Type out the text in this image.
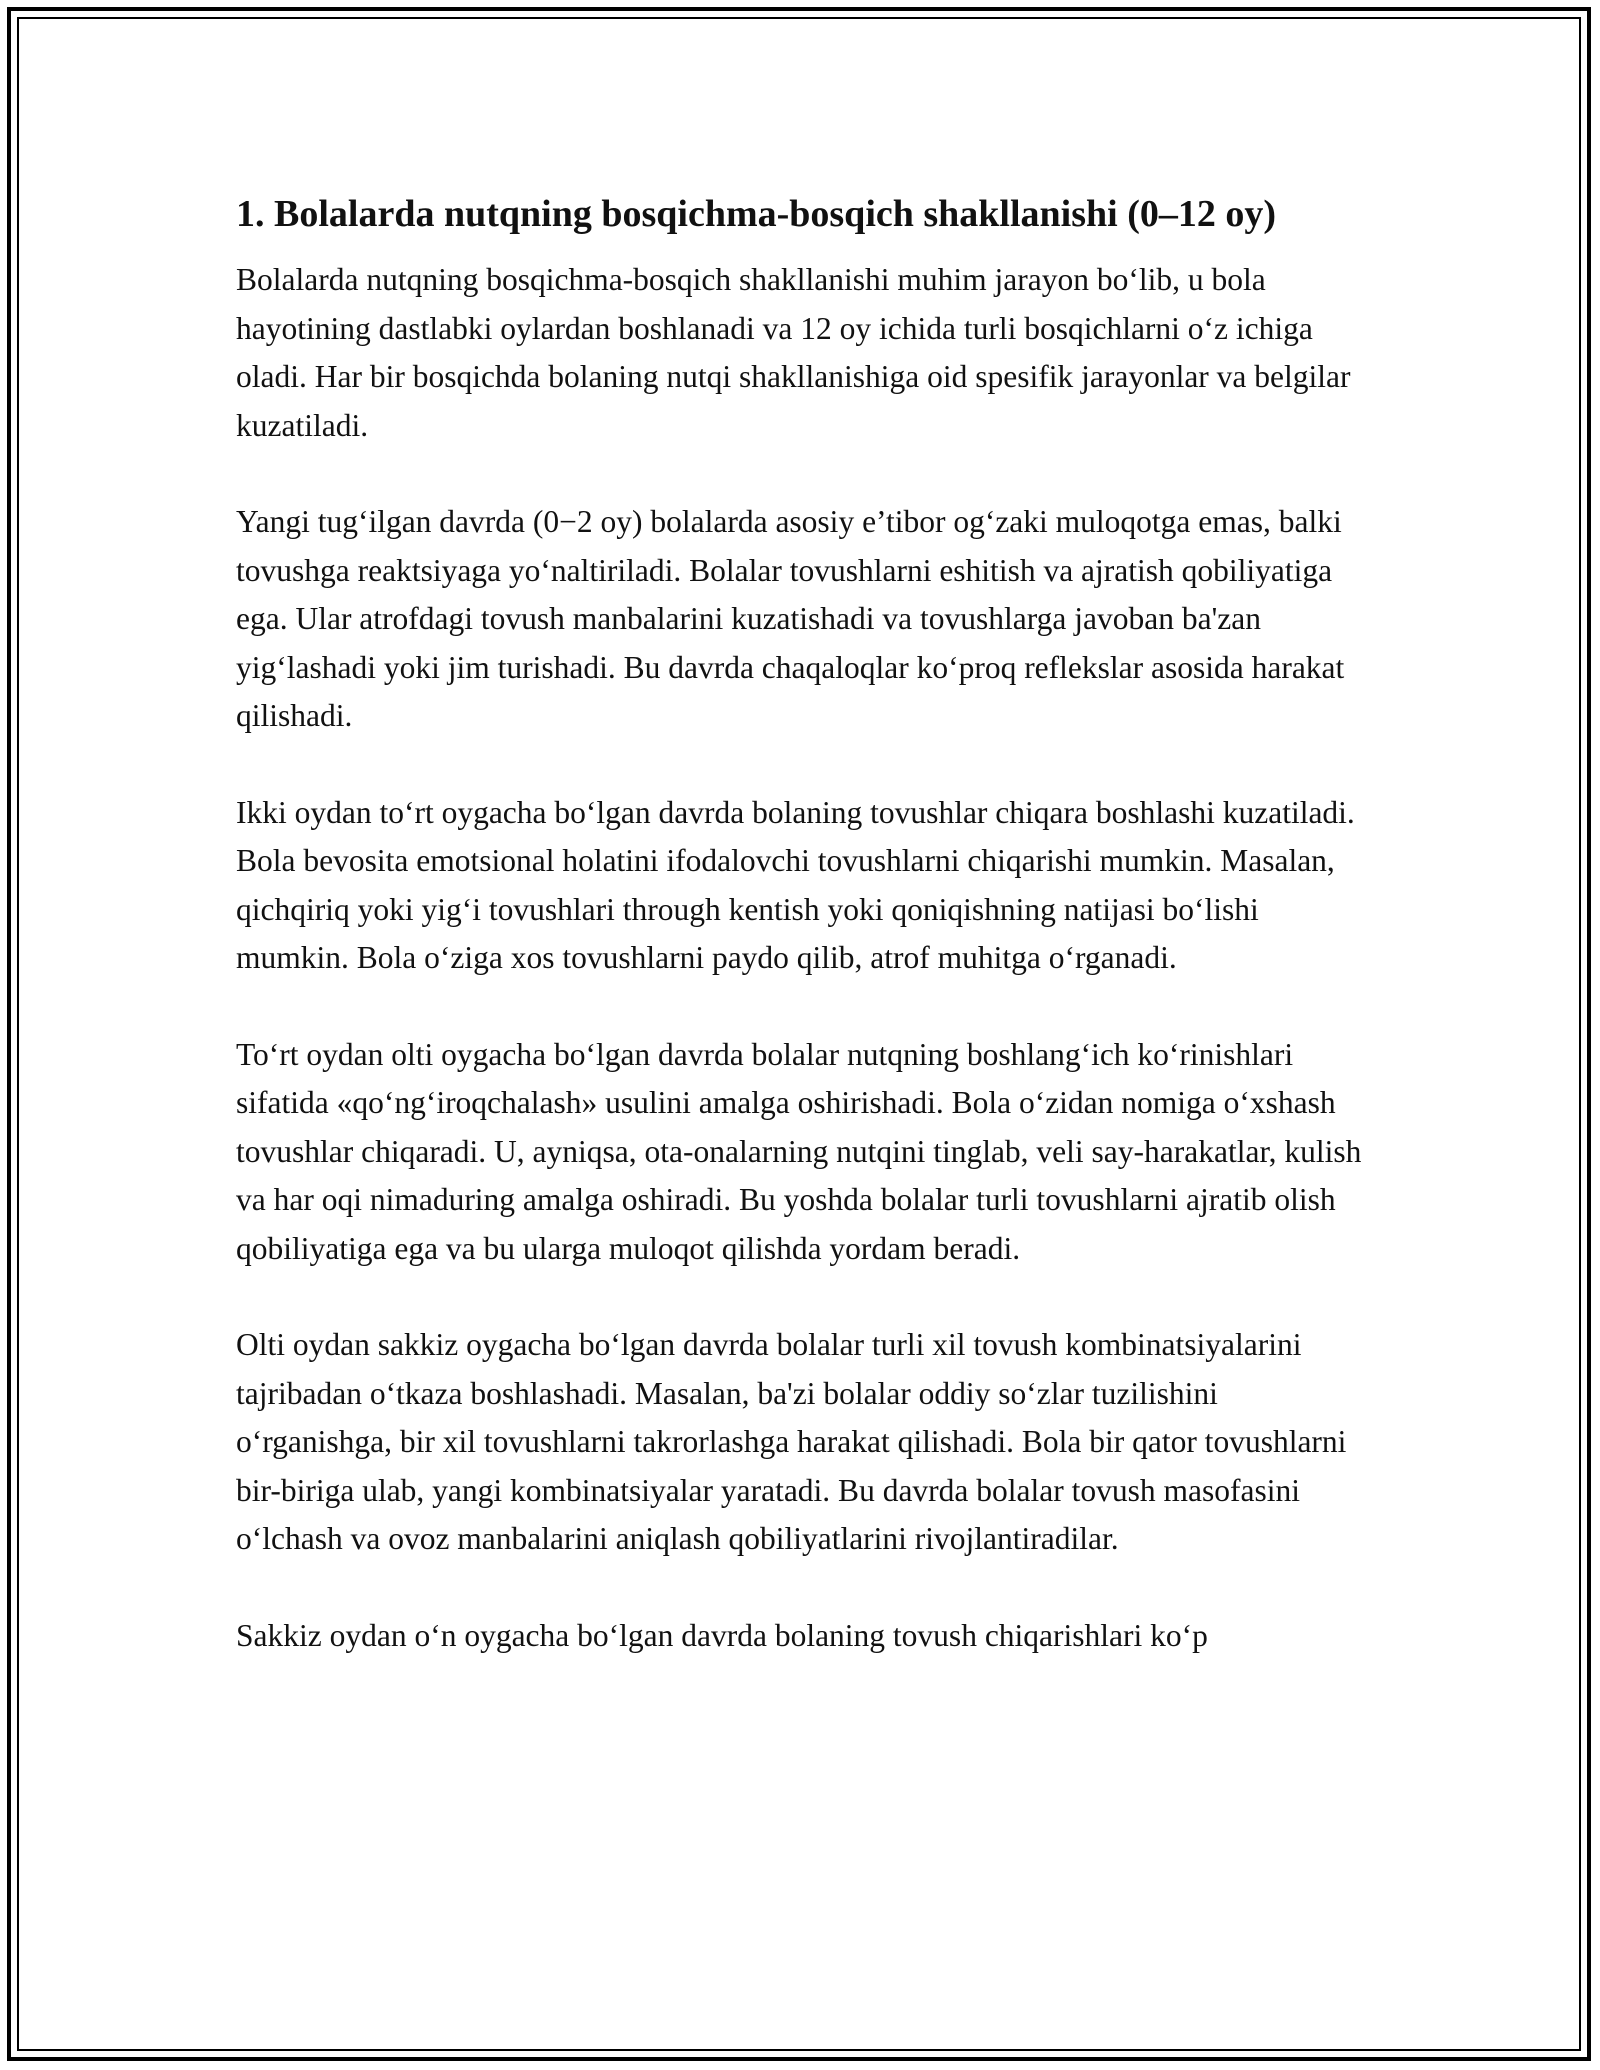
1. Bolalarda nutqning bosqichma-bosqich shakllanishi (0–12 oy)

Bolalarda nutqning bosqichma-bosqich shakllanishi muhim jarayon bo‘lib, u bola hayotining dastlabki oylardan boshlanadi va 12 oy ichida turli bosqichlarni o‘z ichiga oladi. Har bir bosqichda bolaning nutqi shakllanishiga oid spesifik jarayonlar va belgilar kuzatiladi.

Yangi tug‘ilgan davrda (0−2 oy) bolalarda asosiy e’tibor og‘zaki muloqotga emas, balki tovushga reaktsiyaga yo‘naltiriladi. Bolalar tovushlarni eshitish va ajratish qobiliyatiga ega. Ular atrofdagi tovush manbalarini kuzatishadi va tovushlarga javoban ba'zan yig‘lashadi yoki jim turishadi. Bu davrda chaqaloqlar ko‘proq reflekslar asosida harakat qilishadi.

Ikki oydan to‘rt oygacha bo‘lgan davrda bolaning tovushlar chiqara boshlashi kuzatiladi. Bola bevosita emotsional holatini ifodalovchi tovushlarni chiqarishi mumkin. Masalan, qichqiriq yoki yig‘i tovushlari through kentish yoki qoniqishning natijasi bo‘lishi mumkin. Bola o‘ziga xos tovushlarni paydo qilib, atrof muhitga o‘rganadi.

To‘rt oydan olti oygacha bo‘lgan davrda bolalar nutqning boshlang‘ich ko‘rinishlari sifatida «qo‘ng‘iroqchalash» usulini amalga oshirishadi. Bola o‘zidan nomiga o‘xshash tovushlar chiqaradi. U, ayniqsa, ota-onalarning nutqini tinglab, veli say-harakatlar, kulish va har oqi nimaduring amalga oshiradi. Bu yoshda bolalar turli tovushlarni ajratib olish qobiliyatiga ega va bu ularga muloqot qilishda yordam beradi.

Olti oydan sakkiz oygacha bo‘lgan davrda bolalar turli xil tovush kombinatsiyalarini tajribadan o‘tkaza boshlashadi. Masalan, ba'zi bolalar oddiy so‘zlar tuzilishini o‘rganishga, bir xil tovushlarni takrorlashga harakat qilishadi. Bola bir qator tovushlarni bir-biriga ulab, yangi kombinatsiyalar yaratadi. Bu davrda bolalar tovush masofasini o‘lchash va ovoz manbalarini aniqlash qobiliyatlarini rivojlantiradilar.

Sakkiz oydan o‘n oygacha bo‘lgan davrda bolaning tovush chiqarishlari ko‘p
